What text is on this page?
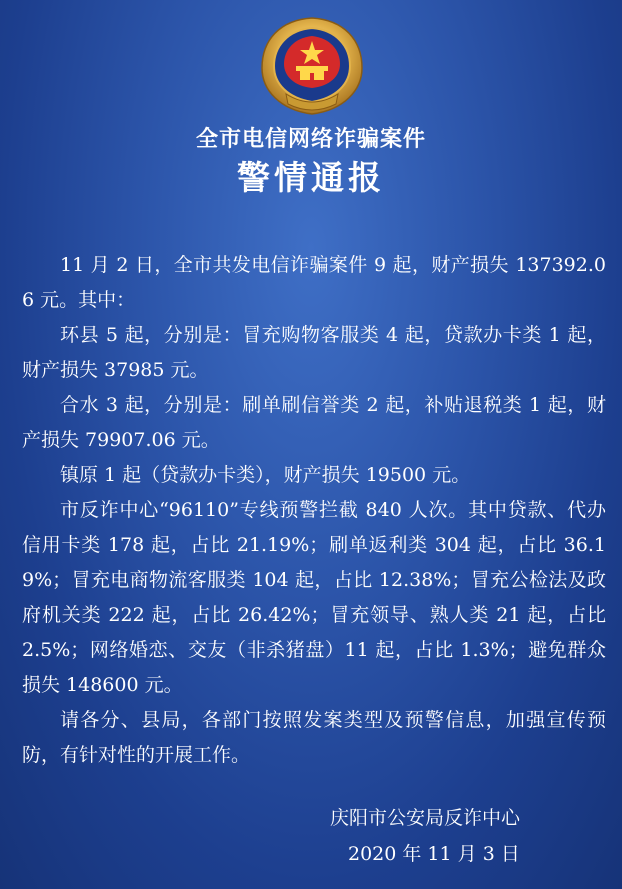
全市电信网络诈骗案件
警情通报

11 月 2 日，全市共发电信诈骗案件 9 起，财产损失 137392.06 元。其中：

环县 5 起，分别是：冒充购物客服类 4 起，贷款办卡类 1 起，财产损失 37985 元。

合水 3 起，分别是：刷单刷信誉类 2 起，补贴退税类 1 起，财产损失 79907.06 元。

镇原 1 起（贷款办卡类），财产损失 19500 元。

市反诈中心“96110”专线预警拦截 840 人次。其中贷款、代办信用卡类 178 起，占比 21.19%；刷单返利类 304 起，占比 36.19%；冒充电商物流客服类 104 起，占比 12.38%；冒充公检法及政府机关类 222 起，占比 26.42%；冒充领导、熟人类 21 起，占比 2.5%；网络婚恋、交友（非杀猪盘）11 起，占比 1.3%；避免群众损失 148600 元。

请各分、县局，各部门按照发案类型及预警信息，加强宣传预防，有针对性的开展工作。

庆阳市公安局反诈中心
2020 年 11 月 3 日
